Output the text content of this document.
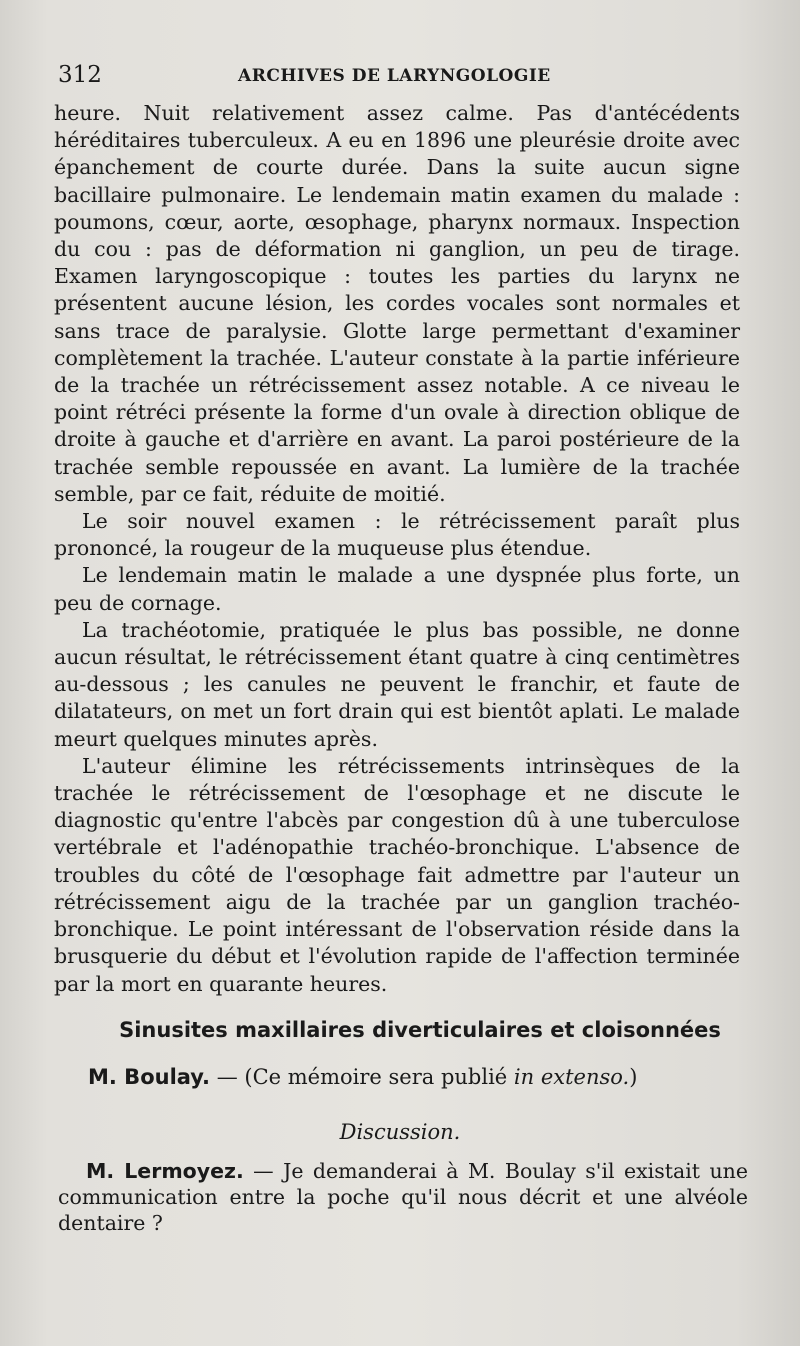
312	ARCHIVES DE LARYNGOLOGIE

heure. Nuit relativement assez calme. Pas d'antécédents héréditaires tuberculeux. A eu en 1896 une pleurésie droite avec épanchement de courte durée. Dans la suite aucun signe bacillaire pulmonaire. Le lendemain matin examen du malade : poumons, cœur, aorte, œsophage, pharynx normaux. Inspection du cou : pas de déformation ni ganglion, un peu de tirage. Examen laryngoscopique : toutes les parties du larynx ne présentent aucune lésion, les cordes vocales sont normales et sans trace de paralysie. Glotte large permettant d'examiner complètement la trachée. L'auteur constate à la partie inférieure de la trachée un rétrécissement assez notable. A ce niveau le point rétréci présente la forme d'un ovale à direction oblique de droite à gauche et d'arrière en avant. La paroi postérieure de la trachée semble repoussée en avant. La lumière de la trachée semble, par ce fait, réduite de moitié.

Le soir nouvel examen : le rétrécissement paraît plus prononcé, la rougeur de la muqueuse plus étendue.

Le lendemain matin le malade a une dyspnée plus forte, un peu de cornage.

La trachéotomie, pratiquée le plus bas possible, ne donne aucun résultat, le rétrécissement étant quatre à cinq centimètres au-dessous ; les canules ne peuvent le franchir, et faute de dilatateurs, on met un fort drain qui est bientôt aplati. Le malade meurt quelques minutes après.

L'auteur élimine les rétrécissements intrinsèques de la trachée le rétrécissement de l'œsophage et ne discute le diagnostic qu'entre l'abcès par congestion dû à une tuberculose vertébrale et l'adénopathie trachéo-bronchique. L'absence de troubles du côté de l'œsophage fait admettre par l'auteur un rétrécissement aigu de la trachée par un ganglion trachéo-bronchique. Le point intéressant de l'observation réside dans la brusquerie du début et l'évolution rapide de l'affection terminée par la mort en quarante heures.

Sinusites maxillaires diverticulaires et cloisonnées
M. Boulay. — (Ce mémoire sera publié in extenso.)
Discussion.
M. Lermoyez. — Je demanderai à M. Boulay s'il existait une communication entre la poche qu'il nous décrit et une alvéole dentaire ?
